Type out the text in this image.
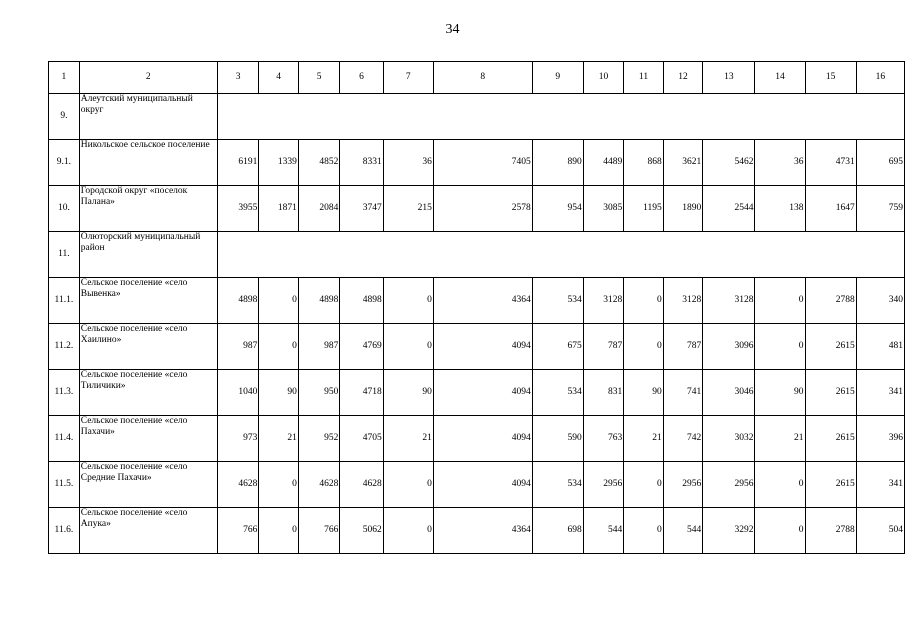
34
1	2	3	4	5	6	7	8	9	10	11	12	13	14	15	16
9.	Алеутский муниципальный округ														
9.1.	Никольское сельское поселение	6191	1339	4852	8331	36	7405	890	4489	868	3621	5462	36	4731	695
10.	Городской округ «поселок Палана»	3955	1871	2084	3747	215	2578	954	3085	1195	1890	2544	138	1647	759
11.	Олюторский муниципальный район														
11.1.	Сельское поселение «село Вывенка»	4898	0	4898	4898	0	4364	534	3128	0	3128	3128	0	2788	340
11.2.	Сельское поселение «село Хаилино»	987	0	987	4769	0	4094	675	787	0	787	3096	0	2615	481
11.3.	Сельское поселение «село Тиличики»	1040	90	950	4718	90	4094	534	831	90	741	3046	90	2615	341
11.4.	Сельское поселение «село Пахачи»	973	21	952	4705	21	4094	590	763	21	742	3032	21	2615	396
11.5.	Сельское поселение «село Средние Пахачи»	4628	0	4628	4628	0	4094	534	2956	0	2956	2956	0	2615	341
11.6.	Сельское поселение «село Апука»	766	0	766	5062	0	4364	698	544	0	544	3292	0	2788	504
